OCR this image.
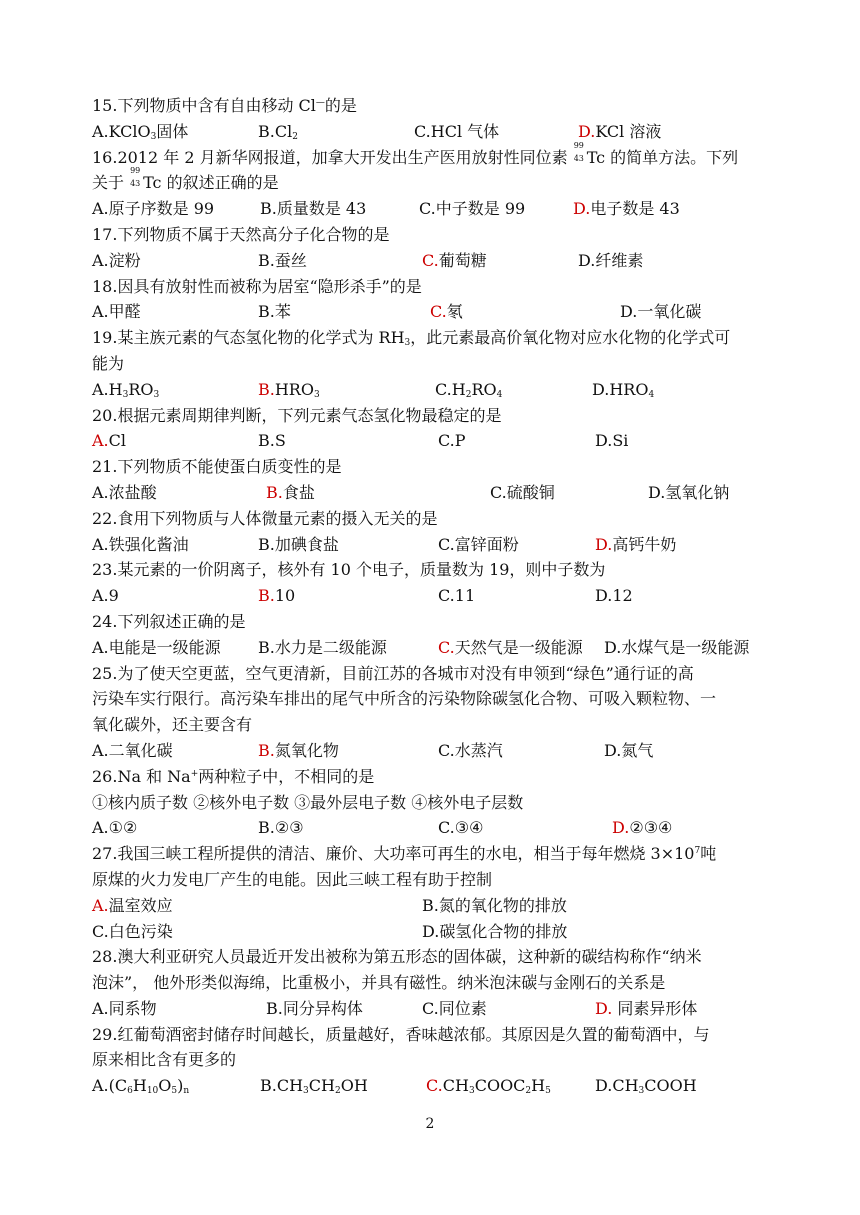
15.下列物质中含有自由移动 Cl—的是
A.KClO$_3$固体	$B.Cl_2$	C.HCl 气体	D.KCl 溶液
16.2012 年 2 月新华网报道，加拿大开发出生产医用放射性同位素
99
43 Tc 的简单方法。下列
关于
99
43 Tc 的叙述正确的是
A.原子序数是 99	B.质量数是 43	C.中子数是 99	D.电子数是 43
17.下列物质不属于天然高分子化合物的是
A.淀粉	B.蚕丝	C.葡萄糖	D.纤维素
18.因具有放射性而被称为居室“隐形杀手”的是
A.甲醛	B.苯	C.氡	D.一氧化碳
19.某主族元素的气态氢化物的化学式为 $RH_3$，此元素最高价氧化物对应水化物的化学式可
能为
$A.H_3RO_3$	$B.HRO_3$	$C.H_2RO_4$	$D.HRO_4$
20.根据元素周期律判断，下列元素气态氢化物最稳定的是
A.Cl	B.S	C.P	D.Si
21.下列物质不能使蛋白质变性的是
A.浓盐酸	B.食盐	C.硫酸铜	D.氢氧化钠
22.食用下列物质与人体微量元素的摄入无关的是
A.铁强化酱油	B.加碘食盐	C.富锌面粉	D.高钙牛奶
23.某元素的一价阴离子，核外有 10 个电子，质量数为 19，则中子数为
A.9	B.10	C.11	D.12
24.下列叙述正确的是
A.电能是一级能源 B.水力是二级能源	C.天然气是一级能源 D.水煤气是一级能源
25.为了使天空更蓝，空气更清新，目前江苏的各城市对没有申领到“绿色”通行证的高
污染车实行限行。高污染车排出的尾气中所含的污染物除碳氢化合物、可吸入颗粒物、一
氧化碳外，还主要含有
A.二氧化碳	B.氮氧化物	C.水蒸汽	D.氮气
26.Na 和 Na+两种粒子中，不相同的是
①核内质子数 ②核外电子数 ③最外层电子数 ④核外电子层数
A.①②	B.②③	C.③④	D.②③④
27.我国三峡工程所提供的清洁、廉价、大功率可再生的水电，相当于每年燃烧 $3\times 10^7$吨
原煤的火力发电厂产生的电能。因此三峡工程有助于控制
A.温室效应	B.氮的氧化物的排放
C.白色污染	D.碳氢化合物的排放
28.澳大利亚研究人员最近开发出被称为第五形态的固体碳，这种新的碳结构称作“纳米
泡沫”， 他外形类似海绵，比重极小，并具有磁性。纳米泡沫碳与金刚石的关系是
A.同系物	B.同分异构体	C.同位素	D. 同素异形体
29.红葡萄酒密封储存时间越长，质量越好，香味越浓郁。其原因是久置的葡萄酒中，与
原来相比含有更多的
$A.(C_6H_{10}O_5)_n$	$B.CH_3CH_2OH$	$C.CH_3COOC_2H_5$	$D.CH_3COOH$
2
